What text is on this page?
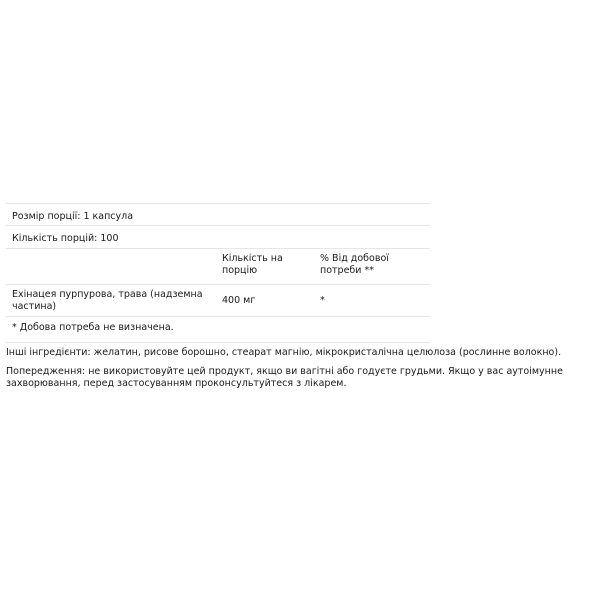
Розмір порції: 1 капсула
Кількість порцій: 100
Кількість на
порцію
% Від добової
потреби **
Ехінацея пурпурова, трава (надземна
частина)
400 мг	*
* Добова потреба не визначена.
Інші інгредієнти: желатин, рисове борошно, стеарат магнію, мікрокристалічна целюлоза (рослинне волокно).
Попередження: не використовуйте цей продукт, якщо ви вагітні або годуєте грудьми. Якщо у вас аутоімунне захворювання, перед застосуванням проконсультуйтеся з лікарем.
